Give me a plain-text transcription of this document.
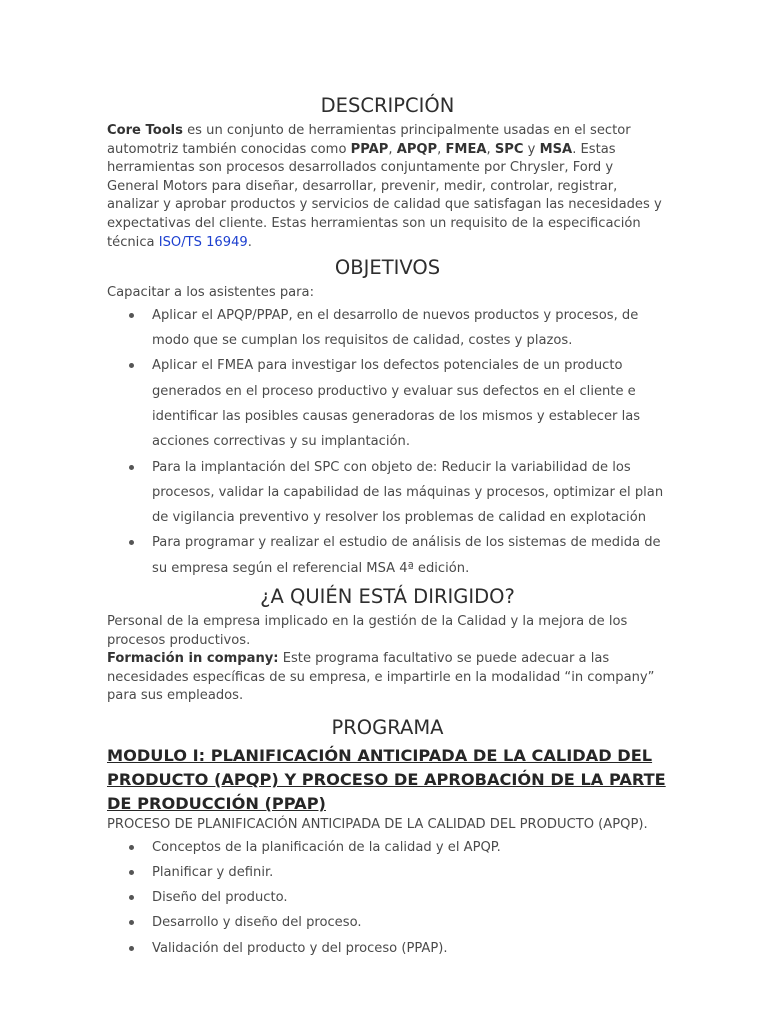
DESCRIPCIÓN

Core Tools es un conjunto de herramientas principalmente usadas en el sector automotriz también conocidas como PPAP, APQP, FMEA, SPC y MSA. Estas herramientas son procesos desarrollados conjuntamente por Chrysler, Ford y General Motors para diseñar, desarrollar, prevenir, medir, controlar, registrar, analizar y aprobar productos y servicios de calidad que satisfagan las necesidades y expectativas del cliente. Estas herramientas son un requisito de la especificación técnica ISO/TS 16949.

OBJETIVOS

Capacitar a los asistentes para:

Aplicar el APQP/PPAP, en el desarrollo de nuevos productos y procesos, de modo que se cumplan los requisitos de calidad, costes y plazos.
Aplicar el FMEA para investigar los defectos potenciales de un producto generados en el proceso productivo y evaluar sus defectos en el cliente e identificar las posibles causas generadoras de los mismos y establecer las acciones correctivas y su implantación.
Para la implantación del SPC con objeto de: Reducir la variabilidad de los procesos, validar la capabilidad de las máquinas y procesos, optimizar el plan de vigilancia preventivo y resolver los problemas de calidad en explotación
Para programar y realizar el estudio de análisis de los sistemas de medida de su empresa según el referencial MSA 4ª edición.
¿A QUIÉN ESTÁ DIRIGIDO?

Personal de la empresa implicado en la gestión de la Calidad y la mejora de los procesos productivos.

Formación in company: Este programa facultativo se puede adecuar a las necesidades específicas de su empresa, e impartirle en la modalidad “in company” para sus empleados.

PROGRAMA

MODULO I: PLANIFICACIÓN ANTICIPADA DE LA CALIDAD DEL PRODUCTO (APQP) Y PROCESO DE APROBACIÓN DE LA PARTE DE PRODUCCIÓN (PPAP)

PROCESO DE PLANIFICACIÓN ANTICIPADA DE LA CALIDAD DEL PRODUCTO (APQP).

Conceptos de la planificación de la calidad y el APQP.
Planificar y definir.
Diseño del producto.
Desarrollo y diseño del proceso.
Validación del producto y del proceso (PPAP).
